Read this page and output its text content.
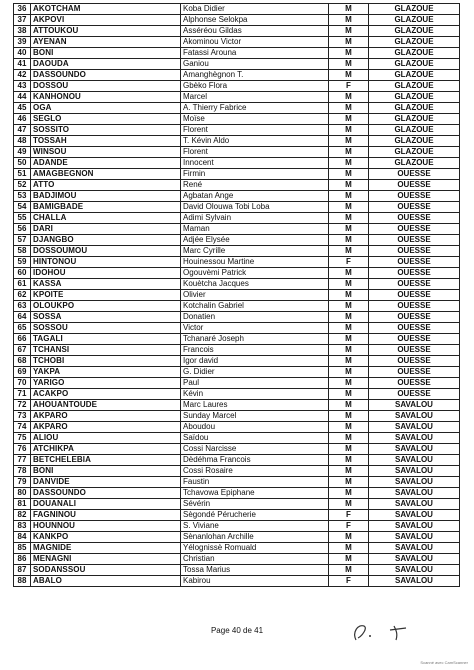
36	AKOTCHAM	Koba Didier	M	GLAZOUE
37	AKPOVI	Alphonse Selokpa	M	GLAZOUE
38	ATTOUKOU	Asséréou Gildas	M	GLAZOUE
39	AYENAN	Akominou Victor	M	GLAZOUE
40	BONI	Fatassi Arouna	M	GLAZOUE
41	DAOUDA	Ganiou	M	GLAZOUE
42	DASSOUNDO	Amanghègnon T.	M	GLAZOUE
43	DOSSOU	Gbèko Flora	F	GLAZOUE
44	KANHONOU	Marcel	M	GLAZOUE
45	OGA	A. Thierry Fabrice	M	GLAZOUE
46	SEGLO	Moïse	M	GLAZOUE
47	SOSSITO	Florent	M	GLAZOUE
48	TOSSAH	T. Kévin Aldo	M	GLAZOUE
49	WINSOU	Florent	M	GLAZOUE
50	ADANDE	Innocent	M	GLAZOUE
51	AMAGBEGNON	Firmin	M	OUESSE
52	ATTO	René	M	OUESSE
53	BADJIMOU	Agbatan Ange	M	OUESSE
54	BAMIGBADE	David Olouwa Tobi Loba	M	OUESSE
55	CHALLA	Adimi Sylvain	M	OUESSE
56	DARI	Maman	M	OUESSE
57	DJANGBO	Adjée Elysée	M	OUESSE
58	DOSSOUMOU	Marc Cyrille	M	OUESSE
59	HINTONOU	Houinessou Martine	F	OUESSE
60	IDOHOU	Ogouvèmi Patrick	M	OUESSE
61	KASSA	Kouètcha Jacques	M	OUESSE
62	KPOITE	Olivier	M	OUESSE
63	OLOUKPO	Kotchalin Gabriel	M	OUESSE
64	SOSSA	Donatien	M	OUESSE
65	SOSSOU	Victor	M	OUESSE
66	TAGALI	Tchanaré Joseph	M	OUESSE
67	TCHANSI	Francois	M	OUESSE
68	TCHOBI	Igor david	M	OUESSE
69	YAKPA	G. Didier	M	OUESSE
70	YARIGO	Paul	M	OUESSE
71	ACAKPO	Kévin	M	OUESSE
72	AHOUANTOUDE	Marc Laures	M	SAVALOU
73	AKPARO	Sunday Marcel	M	SAVALOU
74	AKPARO	Aboudou	M	SAVALOU
75	ALIOU	Saïdou	M	SAVALOU
76	ATCHIKPA	Cossi Narcisse	M	SAVALOU
77	BETCHELEBIA	Dèdéhma Francois	M	SAVALOU
78	BONI	Cossi Rosaire	M	SAVALOU
79	DANVIDE	Faustin	M	SAVALOU
80	DASSOUNDO	Tchavowa Epiphane	M	SAVALOU
81	DOUANALI	Sévérin	M	SAVALOU
82	FAGNINOU	Sègondé Pérucherie	F	SAVALOU
83	HOUNNOU	S. Viviane	F	SAVALOU
84	KANKPO	Sènanlohan Archille	M	SAVALOU
85	MAGNIDE	Yélognissè Romuald	M	SAVALOU
86	MENAGNI	Christian	M	SAVALOU
87	SODANSSOU	Tossa Marius	M	SAVALOU
88	ABALO	Kabirou	F	SAVALOU
Page 40 de 41
Scanné avec CamScanner
